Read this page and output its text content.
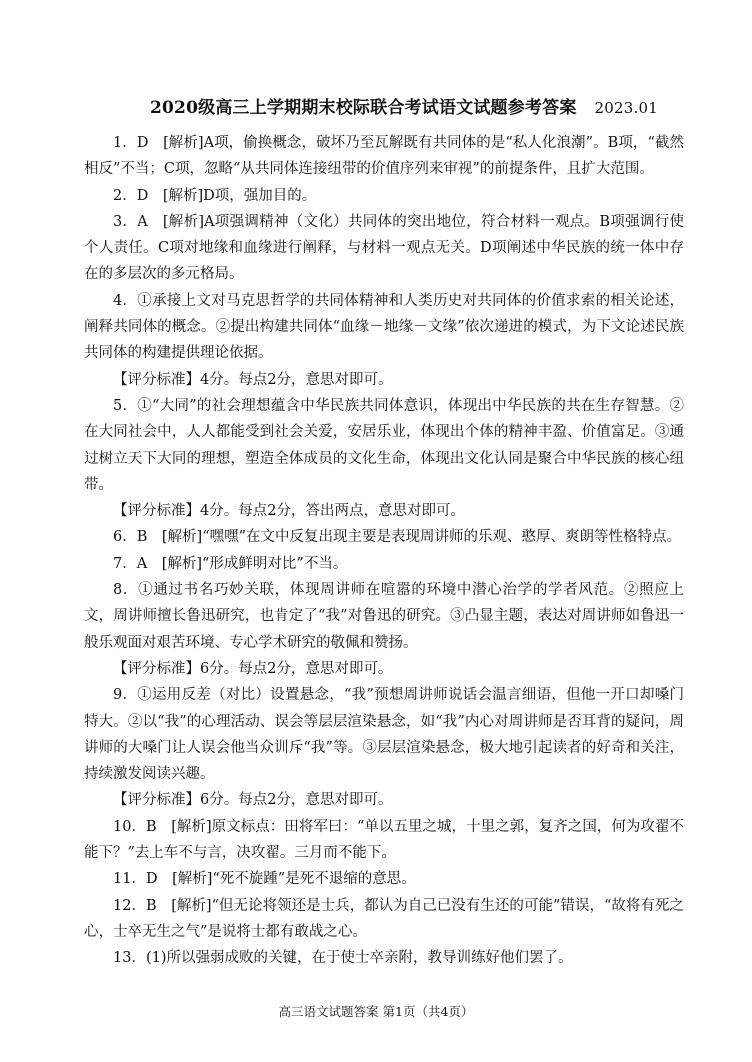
2020级高三上学期期末校际联合考试语文试题参考答案 2023.01

1．D　[解析]A项，偷换概念，破坏乃至瓦解既有共同体的是“私人化浪潮”。B项，“截然相反”不当；C项，忽略“从共同体连接纽带的价值序列来审视”的前提条件，且扩大范围。

2．D　[解析]D项，强加目的。

3．A　[解析]A项强调精神（文化）共同体的突出地位，符合材料一观点。B项强调行使个人责任。C项对地缘和血缘进行阐释，与材料一观点无关。D项阐述中华民族的统一体中存在的多层次的多元格局。

4．①承接上文对马克思哲学的共同体精神和人类历史对共同体的价值求索的相关论述，阐释共同体的概念。②提出构建共同体“血缘－地缘－文缘”依次递进的模式，为下文论述民族共同体的构建提供理论依据。

【评分标准】4分。每点2分，意思对即可。

5．①“大同”的社会理想蕴含中华民族共同体意识，体现出中华民族的共在生存智慧。②在大同社会中，人人都能受到社会关爱，安居乐业，体现出个体的精神丰盈、价值富足。③通过树立天下大同的理想，塑造全体成员的文化生命，体现出文化认同是聚合中华民族的核心纽带。

【评分标准】4分。每点2分，答出两点，意思对即可。

6．B　[解析]“嘿嘿”在文中反复出现主要是表现周讲师的乐观、憨厚、爽朗等性格特点。

7．A　[解析]“形成鲜明对比”不当。

8．①通过书名巧妙关联，体现周讲师在喧嚣的环境中潜心治学的学者风范。②照应上文，周讲师擅长鲁迅研究，也肯定了“我”对鲁迅的研究。③凸显主题，表达对周讲师如鲁迅一般乐观面对艰苦环境、专心学术研究的敬佩和赞扬。

【评分标准】6分。每点2分，意思对即可。

9．①运用反差（对比）设置悬念，“我”预想周讲师说话会温言细语，但他一开口却嗓门特大。②以“我”的心理活动、误会等层层渲染悬念，如“我”内心对周讲师是否耳背的疑问，周讲师的大嗓门让人误会他当众训斥“我”等。③层层渲染悬念，极大地引起读者的好奇和关注，持续激发阅读兴趣。

【评分标准】6分。每点2分，意思对即可。

10．B　[解析]原文标点：田将军曰：“单以五里之城，十里之郭，复齐之国，何为攻翟不能下？”去上车不与言，决攻翟。三月而不能下。

11．D　[解析]“死不旋踵”是死不退缩的意思。

12．B　[解析]“但无论将领还是士兵，都认为自己已没有生还的可能”错误，“故将有死之心，士卒无生之气”是说将士都有敢战之心。

13．(1)所以强弱成败的关键，在于使士卒亲附，教导训练好他们罢了。

高三语文试题答案 第1页（共4页）
